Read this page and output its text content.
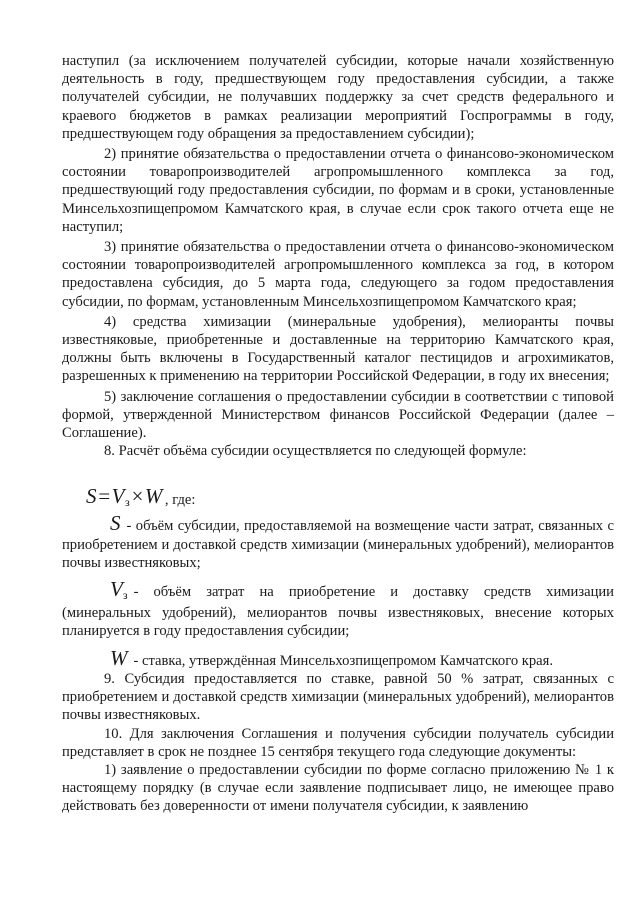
наступил (за исключением получателей субсидии, которые начали хозяйственную деятельность в году, предшествующем году предоставления субсидии, а также получателей субсидии, не получавших поддержку за счет средств федерального и краевого бюджетов в рамках реализации мероприятий Госпрограммы в году, предшествующем году обращения за предоставлением субсидии);

2) принятие обязательства о предоставлении отчета о финансово-экономическом состоянии товаропроизводителей агропромышленного комплекса за год, предшествующий году предоставления субсидии, по формам и в сроки, установленные Минсельхозпищепромом Камчатского края, в случае если срок такого отчета еще не наступил;

3) принятие обязательства о предоставлении отчета о финансово-экономическом состоянии товаропроизводителей агропромышленного комплекса за год, в котором предоставлена субсидия, до 5 марта года, следующего за годом предоставления субсидии, по формам, установленным Минсельхозпищепромом Камчатского края;

4) средства химизации (минеральные удобрения), мелиоранты почвы известняковые, приобретенные и доставленные на территорию Камчатского края, должны быть включены в Государственный каталог пестицидов и агрохимикатов, разрешенных к применению на территории Российской Федерации, в году их внесения;

5) заключение соглашения о предоставлении субсидии в соответствии с типовой формой, утвержденной Министерством финансов Российской Федерации (далее – Соглашение).

8. Расчёт объёма субсидии осуществляется по следующей формуле:

$S=V_з\times W$ , где:

S - объём субсидии, предоставляемой на возмещение части затрат, связанных с приобретением и доставкой средств химизации (минеральных удобрений), мелиорантов почвы известняковых;

$V_з$ - объём затрат на приобретение и доставку средств химизации (минеральных удобрений), мелиорантов почвы известняковых, внесение которых планируется в году предоставления субсидии;

W - ставка, утверждённая Минсельхозпищепромом Камчатского края.

9. Субсидия предоставляется по ставке, равной 50 % затрат, связанных с приобретением и доставкой средств химизации (минеральных удобрений), мелиорантов почвы известняковых.

10. Для заключения Соглашения и получения субсидии получатель субсидии представляет в срок не позднее 15 сентября текущего года следующие документы:

1) заявление о предоставлении субсидии по форме согласно приложению № 1 к настоящему порядку (в случае если заявление подписывает лицо, не имеющее право действовать без доверенности от имени получателя субсидии, к заявлению
